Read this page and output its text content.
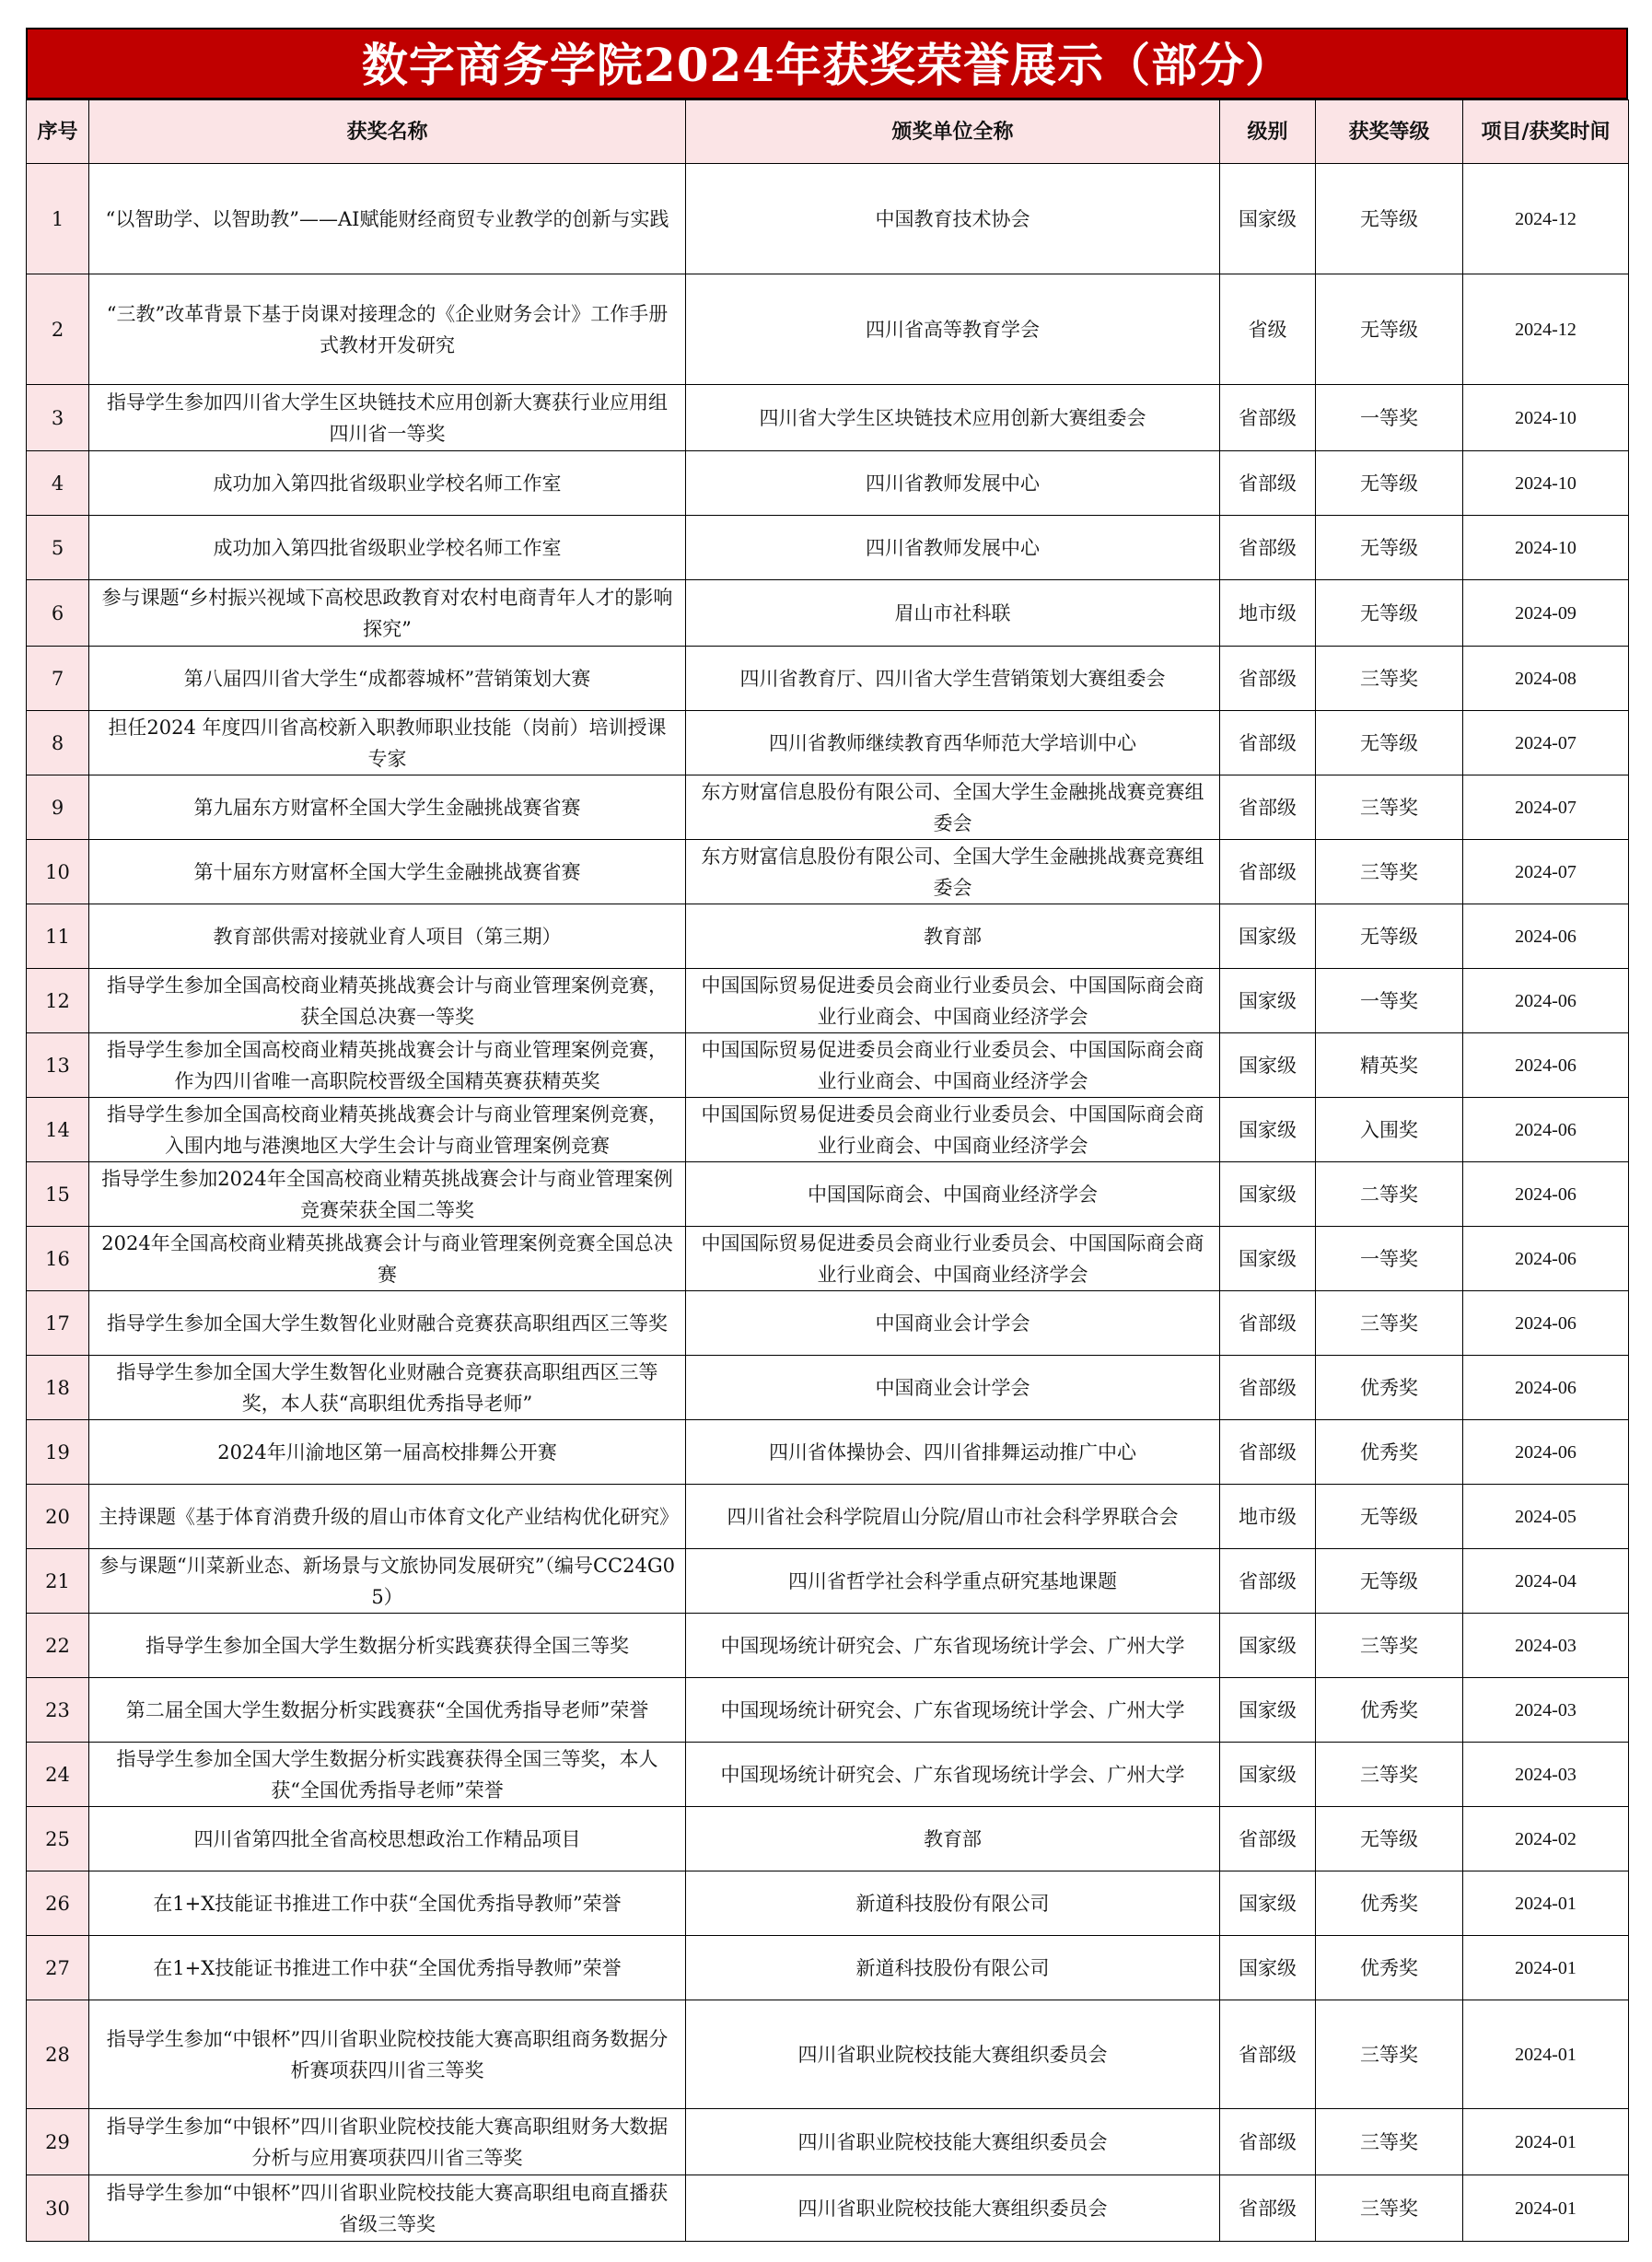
数字商务学院2024年获奖荣誉展示（部分）
序号	获奖名称	颁奖单位全称	级别	获奖等级	项目/获奖时间
1	“以智助学、以智助教”——AI赋能财经商贸专业教学的创新与实践	中国教育技术协会	国家级	无等级	2024-12
2	“三教”改革背景下基于岗课对接理念的《企业财务会计》工作手册式教材开发研究	四川省高等教育学会	省级	无等级	2024-12
3	指导学生参加四川省大学生区块链技术应用创新大赛获行业应用组四川省一等奖	四川省大学生区块链技术应用创新大赛组委会	省部级	一等奖	2024-10
4	成功加入第四批省级职业学校名师工作室	四川省教师发展中心	省部级	无等级	2024-10
5	成功加入第四批省级职业学校名师工作室	四川省教师发展中心	省部级	无等级	2024-10
6	参与课题“乡村振兴视域下高校思政教育对农村电商青年人才的影响探究”	眉山市社科联	地市级	无等级	2024-09
7	第八届四川省大学生“成都蓉城杯”营销策划大赛	四川省教育厅、四川省大学生营销策划大赛组委会	省部级	三等奖	2024-08
8	担任2024 年度四川省高校新入职教师职业技能（岗前）培训授课专家	四川省教师继续教育西华师范大学培训中心	省部级	无等级	2024-07
9	第九届东方财富杯全国大学生金融挑战赛省赛	东方财富信息股份有限公司、全国大学生金融挑战赛竞赛组委会	省部级	三等奖	2024-07
10	第十届东方财富杯全国大学生金融挑战赛省赛	东方财富信息股份有限公司、全国大学生金融挑战赛竞赛组委会	省部级	三等奖	2024-07
11	教育部供需对接就业育人项目（第三期）	教育部	国家级	无等级	2024-06
12	指导学生参加全国高校商业精英挑战赛会计与商业管理案例竞赛，获全国总决赛一等奖	中国国际贸易促进委员会商业行业委员会、中国国际商会商业行业商会、中国商业经济学会	国家级	一等奖	2024-06
13	指导学生参加全国高校商业精英挑战赛会计与商业管理案例竞赛，作为四川省唯一高职院校晋级全国精英赛获精英奖	中国国际贸易促进委员会商业行业委员会、中国国际商会商业行业商会、中国商业经济学会	国家级	精英奖	2024-06
14	指导学生参加全国高校商业精英挑战赛会计与商业管理案例竞赛，入围内地与港澳地区大学生会计与商业管理案例竞赛	中国国际贸易促进委员会商业行业委员会、中国国际商会商业行业商会、中国商业经济学会	国家级	入围奖	2024-06
15	指导学生参加2024年全国高校商业精英挑战赛会计与商业管理案例竞赛荣获全国二等奖	中国国际商会、中国商业经济学会	国家级	二等奖	2024-06
16	2024年全国高校商业精英挑战赛会计与商业管理案例竞赛全国总决赛	中国国际贸易促进委员会商业行业委员会、中国国际商会商业行业商会、中国商业经济学会	国家级	一等奖	2024-06
17	指导学生参加全国大学生数智化业财融合竞赛获高职组西区三等奖	中国商业会计学会	省部级	三等奖	2024-06
18	指导学生参加全国大学生数智化业财融合竞赛获高职组西区三等奖，本人获“高职组优秀指导老师”	中国商业会计学会	省部级	优秀奖	2024-06
19	2024年川渝地区第一届高校排舞公开赛	四川省体操协会、四川省排舞运动推广中心	省部级	优秀奖	2024-06
20	主持课题《基于体育消费升级的眉山市体育文化产业结构优化研究》	四川省社会科学院眉山分院/眉山市社会科学界联合会	地市级	无等级	2024-05
21	参与课题“川菜新业态、新场景与文旅协同发展研究”（编号CC24G05）	四川省哲学社会科学重点研究基地课题	省部级	无等级	2024-04
22	指导学生参加全国大学生数据分析实践赛获得全国三等奖	中国现场统计研究会、广东省现场统计学会、广州大学	国家级	三等奖	2024-03
23	第二届全国大学生数据分析实践赛获“全国优秀指导老师”荣誉	中国现场统计研究会、广东省现场统计学会、广州大学	国家级	优秀奖	2024-03
24	指导学生参加全国大学生数据分析实践赛获得全国三等奖，本人获“全国优秀指导老师”荣誉	中国现场统计研究会、广东省现场统计学会、广州大学	国家级	三等奖	2024-03
25	四川省第四批全省高校思想政治工作精品项目	教育部	省部级	无等级	2024-02
26	在1+X技能证书推进工作中获“全国优秀指导教师”荣誉	新道科技股份有限公司	国家级	优秀奖	2024-01
27	在1+X技能证书推进工作中获“全国优秀指导教师”荣誉	新道科技股份有限公司	国家级	优秀奖	2024-01
28	指导学生参加“中银杯”四川省职业院校技能大赛高职组商务数据分析赛项获四川省三等奖	四川省职业院校技能大赛组织委员会	省部级	三等奖	2024-01
29	指导学生参加“中银杯”四川省职业院校技能大赛高职组财务大数据分析与应用赛项获四川省三等奖	四川省职业院校技能大赛组织委员会	省部级	三等奖	2024-01
30	指导学生参加“中银杯”四川省职业院校技能大赛高职组电商直播获省级三等奖	四川省职业院校技能大赛组织委员会	省部级	三等奖	2024-01
